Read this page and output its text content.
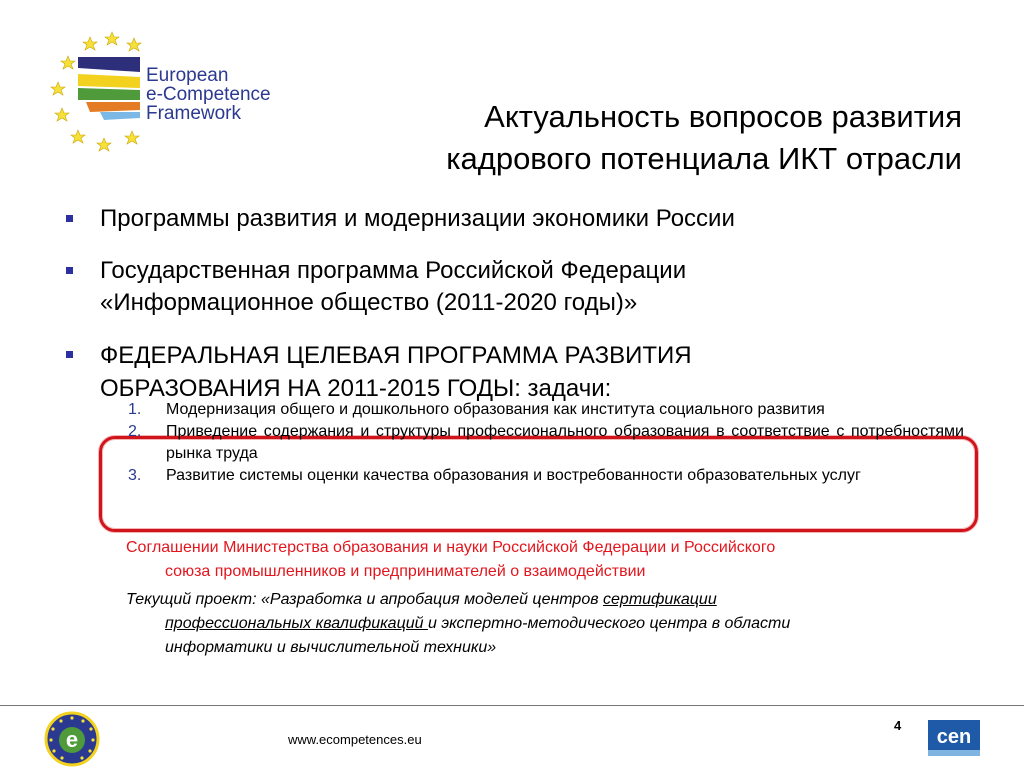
European
e-Competence
Framework	Актуальность вопросов развития
кадрового потенциала ИКТ отрасли
Программы развития и модернизации экономики России
Государственная программа Российской Федерации
«Информационное общество (2011-2020 годы)»
ФЕДЕРАЛЬНАЯ ЦЕЛЕВАЯ ПРОГРАММА РАЗВИТИЯ
ОБРАЗОВАНИЯ НА 2011-2015 ГОДЫ: задачи:
1. Модернизация общего и дошкольного образования как института социального развития
2. Приведение содержания и структуры профессионального образования в соответствие с потребностями рынка труда
3. Развитие системы оценки качества образования и востребованности образовательных услуг
Соглашении Министерства образования и науки Российской Федерации и Российского
союза промышленников и предпринимателей о взаимодействии
Текущий проект: «Разработка и апробация моделей центров сертификации
профессиональных квалификаций и экспертно-методического центра в области
информатики и вычислительной техники»
e	www.ecompetences.eu
4
cen
